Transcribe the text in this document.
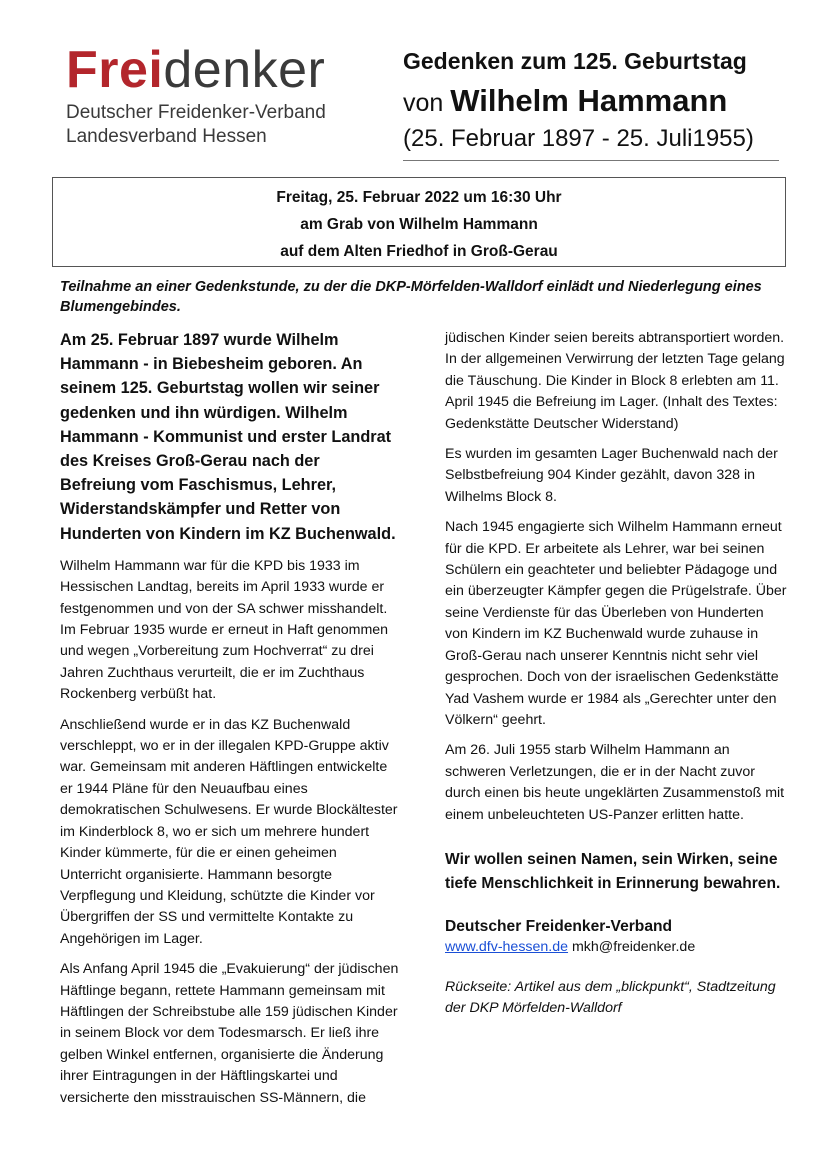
Freidenker
Deutscher Freidenker-Verband
Landesverband Hessen
Gedenken zum 125. Geburtstag
von Wilhelm Hammann
(25. Februar 1897 - 25. Juli1955)
Freitag, 25. Februar 2022 um 16:30 Uhr
am Grab von Wilhelm Hammann
auf dem Alten Friedhof in Groß-Gerau
Teilnahme an einer Gedenkstunde, zu der die DKP-Mörfelden-Walldorf einlädt und Niederlegung eines Blumengebindes.

Am 25. Februar 1897 wurde Wilhelm Hammann - in Biebesheim geboren. An seinem 125. Geburtstag wollen wir seiner gedenken und ihn würdigen. Wilhelm Hammann - Kommunist und erster Landrat des Kreises Groß-Gerau nach der Befreiung vom Faschismus, Lehrer, Widerstandskämpfer und Retter von Hunderten von Kindern im KZ Buchenwald.

Wilhelm Hammann war für die KPD bis 1933 im Hessischen Landtag, bereits im April 1933 wurde er festgenommen und von der SA schwer misshandelt. Im Februar 1935 wurde er erneut in Haft genommen und wegen „Vorbereitung zum Hochverrat“ zu drei Jahren Zuchthaus verurteilt, die er im Zuchthaus Rockenberg verbüßt hat.

Anschließend wurde er in das KZ Buchenwald verschleppt, wo er in der illegalen KPD-Gruppe aktiv war. Gemeinsam mit anderen Häftlingen entwickelte er 1944 Pläne für den Neuaufbau eines demokratischen Schulwesens. Er wurde Blockältester im Kinderblock 8, wo er sich um mehrere hundert Kinder kümmerte, für die er einen geheimen Unterricht organisierte. Hammann besorgte Verpflegung und Kleidung, schützte die Kinder vor Übergriffen der SS und vermittelte Kontakte zu Angehörigen im Lager.

Als Anfang April 1945 die „Evakuierung“ der jüdischen Häftlinge begann, rettete Hammann gemeinsam mit Häftlingen der Schreibstube alle 159 jüdischen Kinder in seinem Block vor dem Todesmarsch. Er ließ ihre gelben Winkel entfernen, organisierte die Änderung ihrer Eintragungen in der Häftlingskartei und versicherte den misstrauischen SS-Männern, die

jüdischen Kinder seien bereits abtransportiert worden. In der allgemeinen Verwirrung der letzten Tage gelang die Täuschung. Die Kinder in Block 8 erlebten am 11. April 1945 die Befreiung im Lager. (Inhalt des Textes: Gedenkstätte Deutscher Widerstand)

Es wurden im gesamten Lager Buchenwald nach der Selbstbefreiung 904 Kinder gezählt, davon 328 in Wilhelms Block 8.

Nach 1945 engagierte sich Wilhelm Hammann erneut für die KPD. Er arbeitete als Lehrer, war bei seinen Schülern ein geachteter und beliebter Pädagoge und ein überzeugter Kämpfer gegen die Prügelstrafe. Über seine Verdienste für das Überleben von Hunderten von Kindern im KZ Buchenwald wurde zuhause in Groß-Gerau nach unserer Kenntnis nicht sehr viel gesprochen. Doch von der israelischen Gedenkstätte Yad Vashem wurde er 1984 als „Gerechter unter den Völkern“ geehrt.

Am 26. Juli 1955 starb Wilhelm Hammann an schweren Verletzungen, die er in der Nacht zuvor durch einen bis heute ungeklärten Zusammenstoß mit einem unbeleuchteten US-Panzer erlitten hatte.

Wir wollen seinen Namen, sein Wirken, seine tiefe Menschlichkeit in Erinnerung bewahren.

Deutscher Freidenker-Verband

www.dfv-hessen.de mkh@freidenker.de

Rückseite: Artikel aus dem „blickpunkt“, Stadtzeitung der DKP Mörfelden-Walldorf
